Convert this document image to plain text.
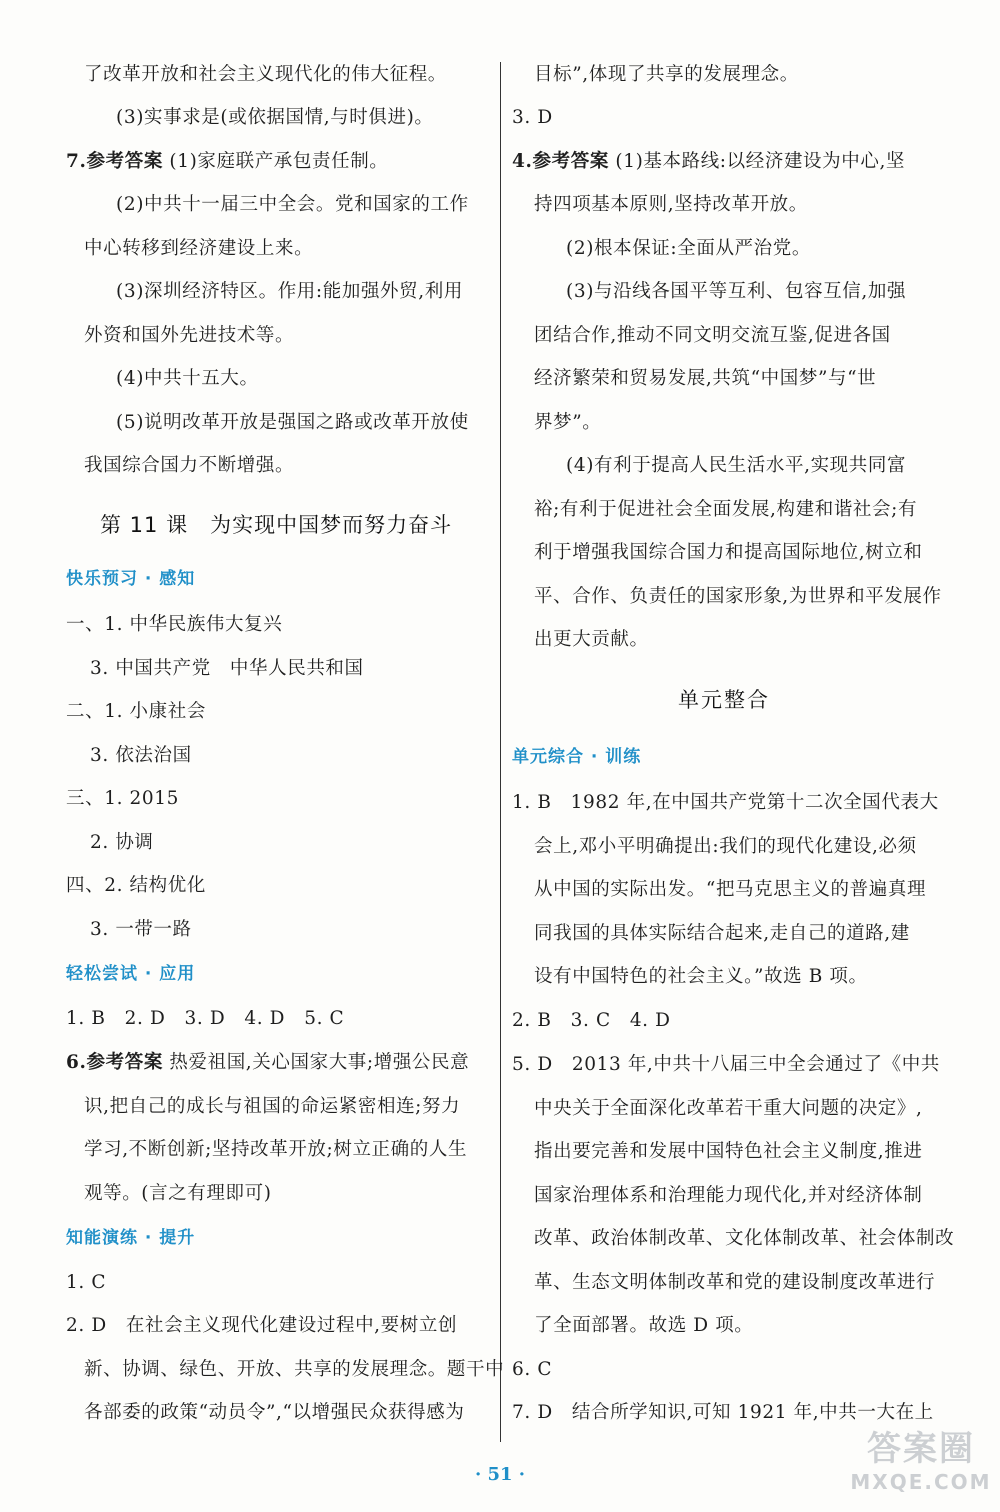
了改革开放和社会主义现代化的伟大征程。
(3)实事求是(或依据国情,与时俱进)。
7.参考答案 (1)家庭联产承包责任制。
(2)中共十一届三中全会。党和国家的工作
中心转移到经济建设上来。
(3)深圳经济特区。作用:能加强外贸,利用
外资和国外先进技术等。
(4)中共十五大。
(5)说明改革开放是强国之路或改革开放使
我国综合国力不断增强。
第 11 课　为实现中国梦而努力奋斗
快乐预习 · 感知
一、1. 中华民族伟大复兴
3. 中国共产党　中华人民共和国
二、1. 小康社会
3. 依法治国
三、1. 2015
2. 协调
四、2. 结构优化
3. 一带一路
轻松尝试 · 应用
1. B　2. D　3. D　4. D　5. C
6.参考答案 热爱祖国,关心国家大事;增强公民意
识,把自己的成长与祖国的命运紧密相连;努力
学习,不断创新;坚持改革开放;树立正确的人生
观等。(言之有理即可)
知能演练 · 提升
1. C
2. D　在社会主义现代化建设过程中,要树立创
新、协调、绿色、开放、共享的发展理念。题干中
各部委的政策“动员令”,“以增强民众获得感为
目标”,体现了共享的发展理念。
3. D
4.参考答案 (1)基本路线:以经济建设为中心,坚
持四项基本原则,坚持改革开放。
(2)根本保证:全面从严治党。
(3)与沿线各国平等互利、包容互信,加强
团结合作,推动不同文明交流互鉴,促进各国
经济繁荣和贸易发展,共筑“中国梦”与“世
界梦”。
(4)有利于提高人民生活水平,实现共同富
裕;有利于促进社会全面发展,构建和谐社会;有
利于增强我国综合国力和提高国际地位,树立和
平、合作、负责任的国家形象,为世界和平发展作
出更大贡献。
单元整合
单元综合 · 训练
1. B　1982 年,在中国共产党第十二次全国代表大
会上,邓小平明确提出:我们的现代化建设,必须
从中国的实际出发。“把马克思主义的普遍真理
同我国的具体实际结合起来,走自己的道路,建
设有中国特色的社会主义。”故选 B 项。
2. B　3. C　4. D
5. D　2013 年,中共十八届三中全会通过了《中共
中央关于全面深化改革若干重大问题的决定》,
指出要完善和发展中国特色社会主义制度,推进
国家治理体系和治理能力现代化,并对经济体制
改革、政治体制改革、文化体制改革、社会体制改
革、生态文明体制改革和党的建设制度改革进行
了全面部署。故选 D 项。
6. C
7. D　结合所学知识,可知 1921 年,中共一大在上
· 51 ·
答案圈
MXQE.COM
